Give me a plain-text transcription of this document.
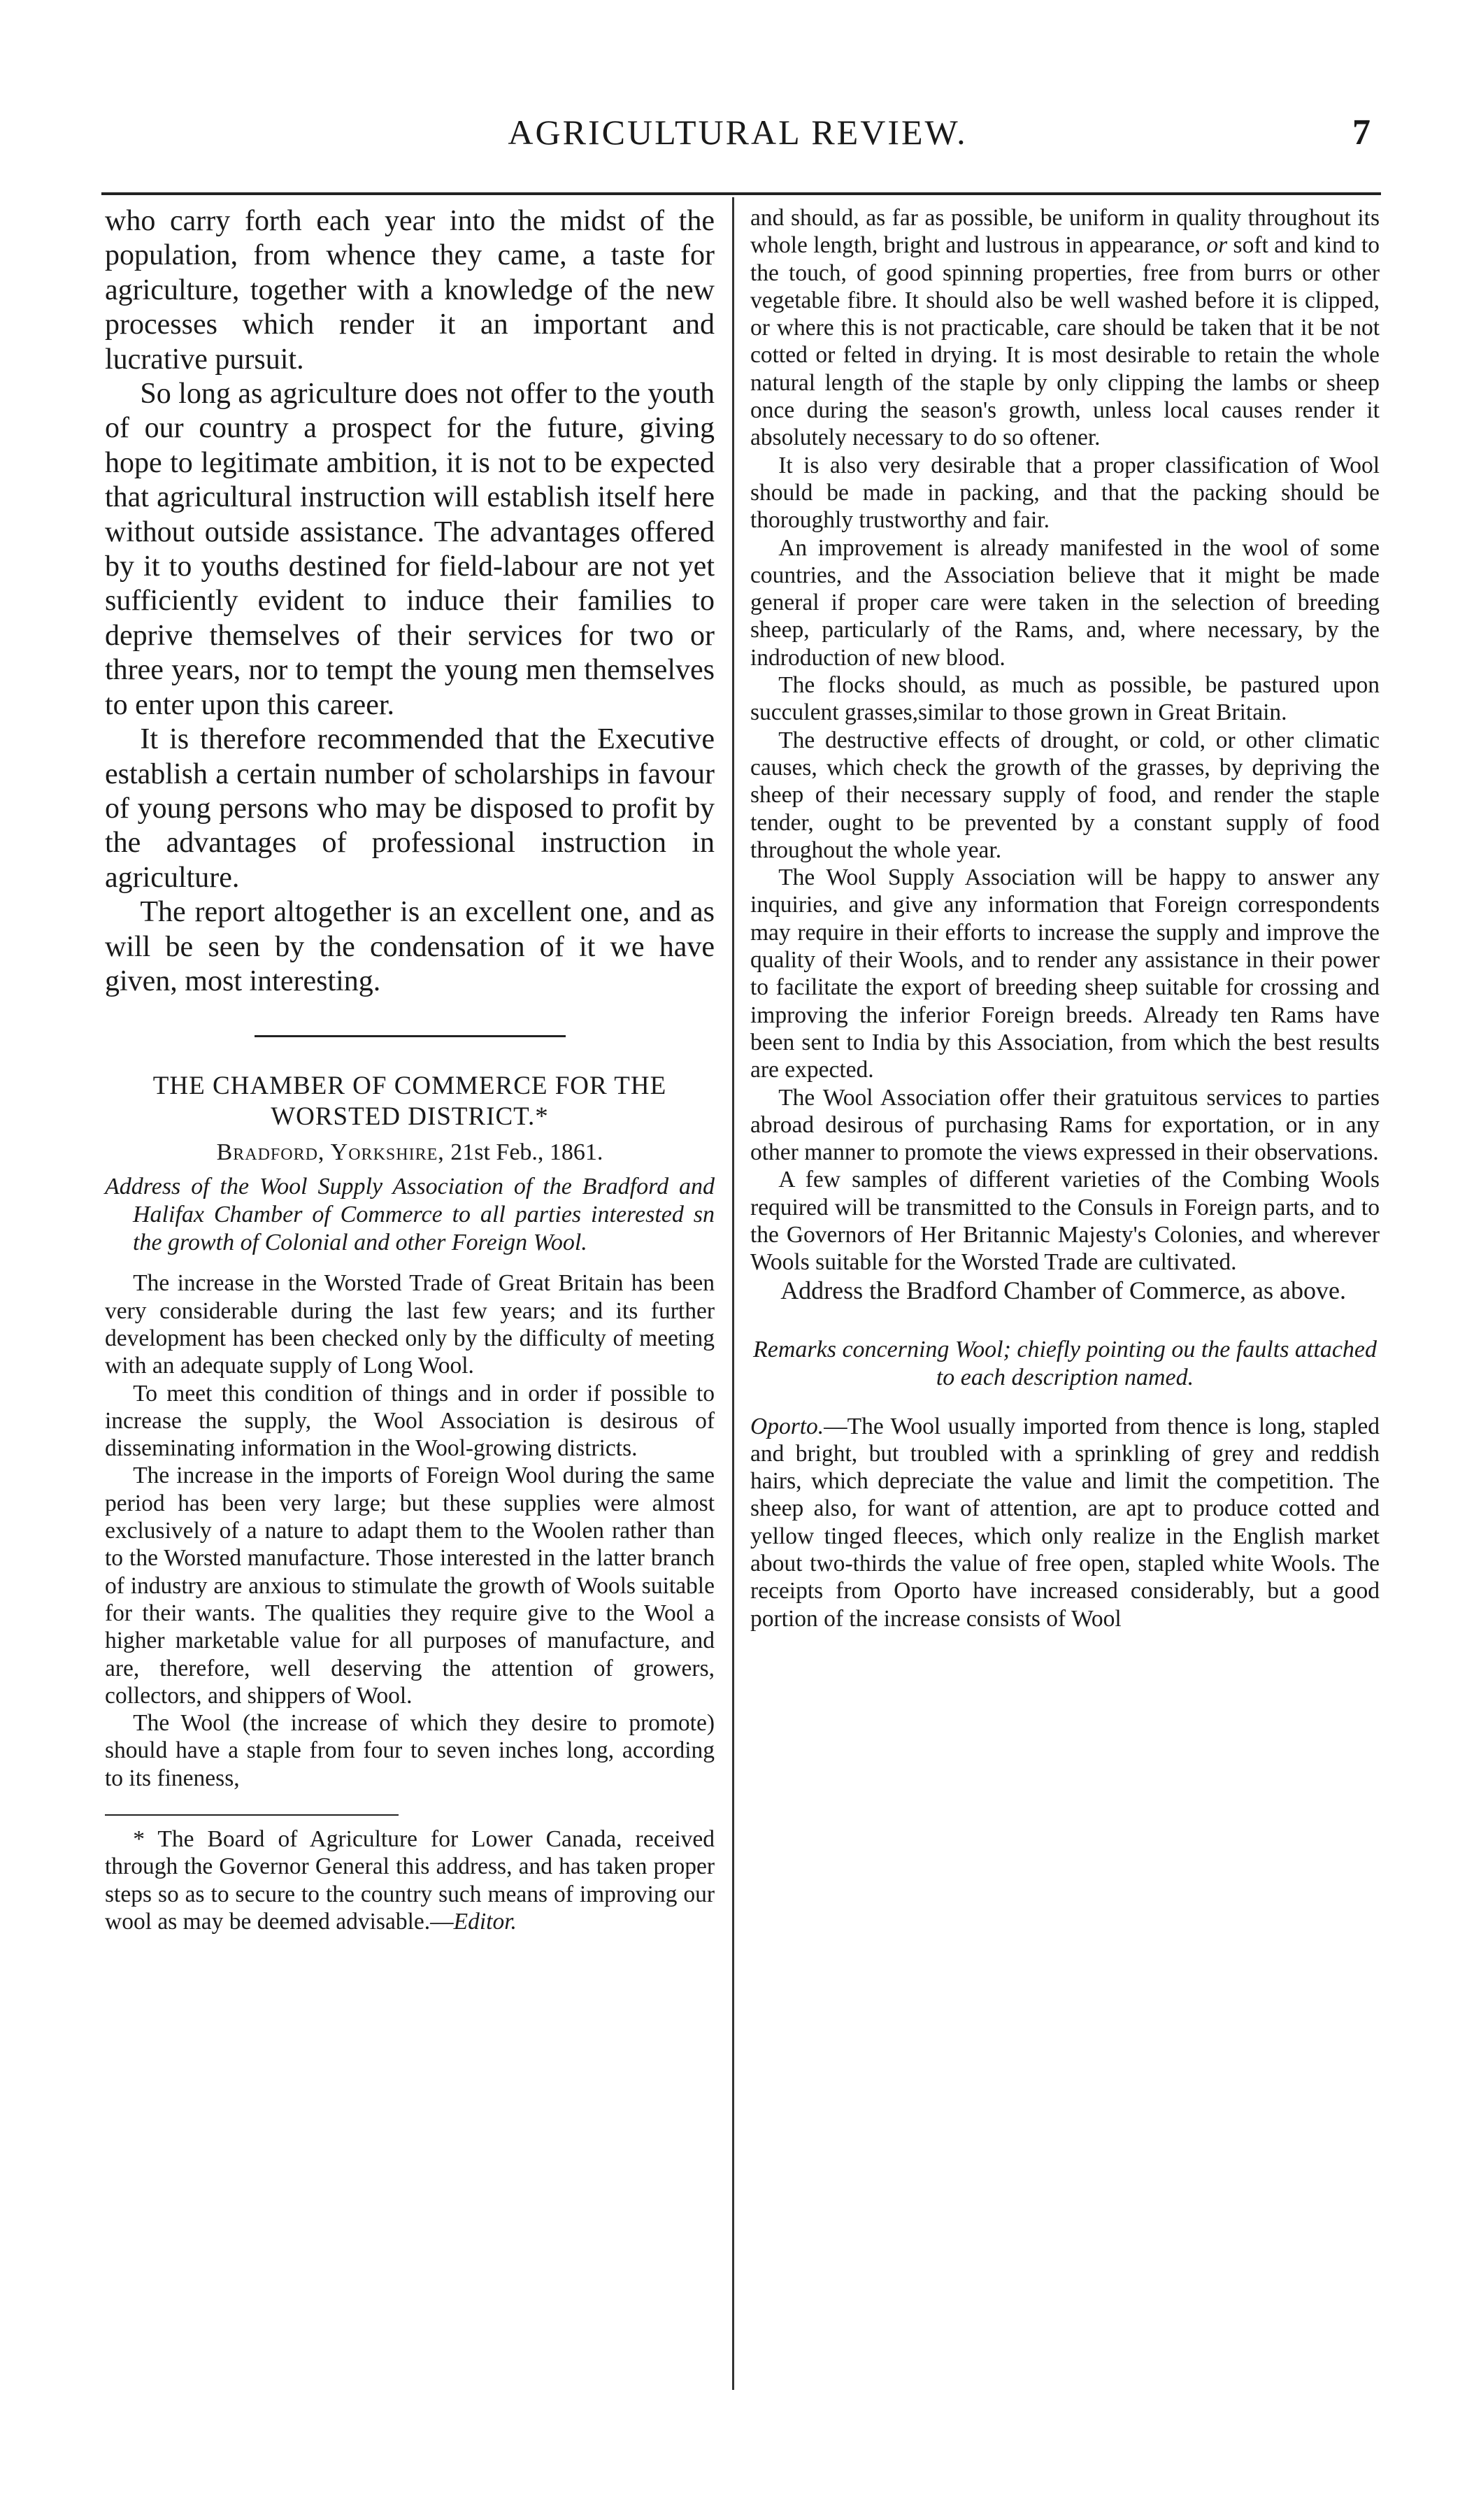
AGRICULTURAL REVIEW.	7

who carry forth each year into the midst of the population, from whence they came, a taste for agriculture, together with a knowledge of the new processes which render it an important and lucrative pursuit.

So long as agriculture does not offer to the youth of our country a prospect for the future, giving hope to legitimate ambition, it is not to be expected that agricultural instruction will establish itself here without outside assistance. The advantages offered by it to youths destined for field-labour are not yet sufficiently evident to induce their families to deprive themselves of their services for two or three years, nor to tempt the young men themselves to enter upon this career.

It is therefore recommended that the Executive establish a certain number of scholarships in favour of young persons who may be disposed to profit by the advantages of professional instruction in agriculture.

The report altogether is an excellent one, and as will be seen by the condensation of it we have given, most interesting.

THE CHAMBER OF COMMERCE FOR THE
WORSTED DISTRICT.*
Bradford, Yorkshire, 21st Feb., 1861.
Address of the Wool Supply Association of the Bradford and Halifax Chamber of Commerce to all parties interested sn the growth of Colonial and other Foreign Wool.

The increase in the Worsted Trade of Great Britain has been very considerable during the last few years; and its further development has been checked only by the difficulty of meeting with an adequate supply of Long Wool.

To meet this condition of things and in order if possible to increase the supply, the Wool Association is desirous of disseminating information in the Wool-growing districts.

The increase in the imports of Foreign Wool during the same period has been very large; but these supplies were almost exclusively of a nature to adapt them to the Woolen rather than to the Worsted manufacture. Those interested in the latter branch of industry are anxious to stimulate the growth of Wools suitable for their wants. The qualities they require give to the Wool a higher marketable value for all purposes of manufacture, and are, therefore, well deserving the attention of growers, collectors, and shippers of Wool.

The Wool (the increase of which they desire to promote) should have a staple from four to seven inches long, according to its fineness,

* The Board of Agriculture for Lower Canada, received through the Governor General this address, and has taken proper steps so as to secure to the country such means of improving our wool as may be deemed advisable.—Editor.

and should, as far as possible, be uniform in quality throughout its whole length, bright and lustrous in appearance, or soft and kind to the touch, of good spinning properties, free from burrs or other vegetable fibre. It should also be well washed before it is clipped, or where this is not practicable, care should be taken that it be not cotted or felted in drying. It is most desirable to retain the whole natural length of the staple by only clipping the lambs or sheep once during the season's growth, unless local causes render it absolutely necessary to do so oftener.

It is also very desirable that a proper classification of Wool should be made in packing, and that the packing should be thoroughly trustworthy and fair.

An improvement is already manifested in the wool of some countries, and the Association believe that it might be made general if proper care were taken in the selection of breeding sheep, particularly of the Rams, and, where necessary, by the indroduction of new blood.

The flocks should, as much as possible, be pastured upon succulent grasses,similar to those grown in Great Britain.

The destructive effects of drought, or cold, or other climatic causes, which check the growth of the grasses, by depriving the sheep of their necessary supply of food, and render the staple tender, ought to be prevented by a constant supply of food throughout the whole year.

The Wool Supply Association will be happy to answer any inquiries, and give any information that Foreign correspondents may require in their efforts to increase the supply and improve the quality of their Wools, and to render any assistance in their power to facilitate the export of breeding sheep suitable for crossing and improving the inferior Foreign breeds. Already ten Rams have been sent to India by this Association, from which the best results are expected.

The Wool Association offer their gratuitous services to parties abroad desirous of purchasing Rams for exportation, or in any other manner to promote the views expressed in their observations.

A few samples of different varieties of the Combing Wools required will be transmitted to the Consuls in Foreign parts, and to the Governors of Her Britannic Majesty's Colonies, and wherever Wools suitable for the Worsted Trade are cultivated.

Address the Bradford Chamber of Commerce, as above.

Remarks concerning Wool; chiefly pointing ou the faults attached to each description named.

Oporto.—The Wool usually imported from thence is long, stapled and bright, but troubled with a sprinkling of grey and reddish hairs, which depreciate the value and limit the competition. The sheep also, for want of attention, are apt to produce cotted and yellow tinged fleeces, which only realize in the English market about two-thirds the value of free open, stapled white Wools. The receipts from Oporto have increased considerably, but a good portion of the increase consists of Wool
